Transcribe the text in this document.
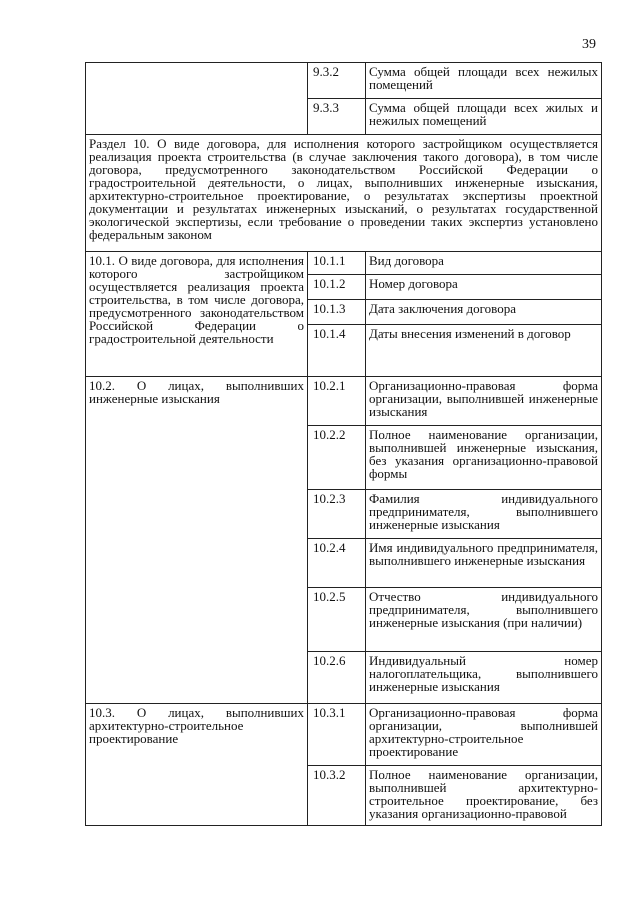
39
	9.3.2	Сумма общей площади всех нежилых помещений
	9.3.3	Сумма общей площади всех жилых и нежилых помещений
Раздел 10. О виде договора, для исполнения которого застройщиком осуществляется реализация проекта строительства (в случае заключения такого договора), в том числе договора, предусмотренного законодательством Российской Федерации о градостроительной деятельности, о лицах, выполнивших инженерные изыскания, архитектурно-строительное проектирование, о результатах экспертизы проектной документации и результатах инженерных изысканий, о результатах государственной экологической экспертизы, если требование о проведении таких экспертиз установлено федеральным законом		
10.1. О виде договора, для исполнения которого застройщиком осуществляется реализация проекта строительства, в том числе договора, предусмотренного законодательством Российской Федерации о градостроительной деятельности	10.1.1	Вид договора
	10.1.2	Номер договора
	10.1.3	Дата заключения договора
	10.1.4	Даты внесения изменений в договор
10.2. О лицах, выполнивших инженерные изыскания	10.2.1	Организационно-правовая форма организации, выполнившей инженерные изыскания
	10.2.2	Полное наименование организации, выполнившей инженерные изыскания, без указания организационно-правовой формы
	10.2.3	Фамилия индивидуального предпринимателя, выполнившего инженерные изыскания
	10.2.4	Имя индивидуального предпринимателя, выполнившего инженерные изыскания
	10.2.5	Отчество индивидуального предпринимателя, выполнившего инженерные изыскания (при наличии)
	10.2.6	Индивидуальный номер налогоплательщика, выполнившего инженерные изыскания
10.3. О лицах, выполнивших архитектурно-строительное проектирование	10.3.1	Организационно-правовая форма организации, выполнившей архитектурно-строительное проектирование
	10.3.2	Полное наименование организации, выполнившей архитектурно-строительное проектирование, без указания организационно-правовой
